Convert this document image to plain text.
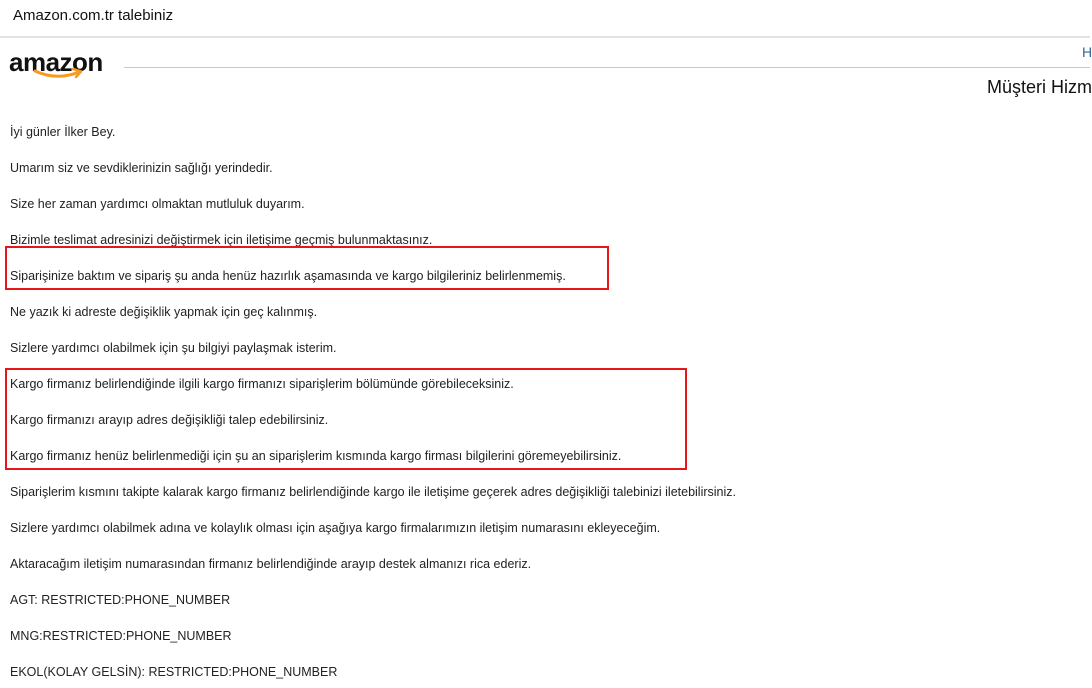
Amazon.com.tr talebiniz
amazon	H
Müşteri Hizm
İyi günler İlker Bey.
Umarım siz ve sevdiklerinizin sağlığı yerindedir.
Size her zaman yardımcı olmaktan mutluluk duyarım.
Bizimle teslimat adresinizi değiştirmek için iletişime geçmiş bulunmaktasınız.
Siparişinize baktım ve sipariş şu anda henüz hazırlık aşamasında ve kargo bilgileriniz belirlenmemiş.
Ne yazık ki adreste değişiklik yapmak için geç kalınmış.
Sizlere yardımcı olabilmek için şu bilgiyi paylaşmak isterim.
Kargo firmanız belirlendiğinde ilgili kargo firmanızı siparişlerim bölümünde görebileceksiniz.
Kargo firmanızı arayıp adres değişikliği talep edebilirsiniz.
Kargo firmanız henüz belirlenmediği için şu an siparişlerim kısmında kargo firması bilgilerini göremeyebilirsiniz.
Siparişlerim kısmını takipte kalarak kargo firmanız belirlendiğinde kargo ile iletişime geçerek adres değişikliği talebinizi iletebilirsiniz.
Sizlere yardımcı olabilmek adına ve kolaylık olması için aşağıya kargo firmalarımızın iletişim numarasını ekleyeceğim.
Aktaracağım iletişim numarasından firmanız belirlendiğinde arayıp destek almanızı rica ederiz.
AGT: RESTRICTED:PHONE_NUMBER
MNG:RESTRICTED:PHONE_NUMBER
EKOL(KOLAY GELSİN): RESTRICTED:PHONE_NUMBER
